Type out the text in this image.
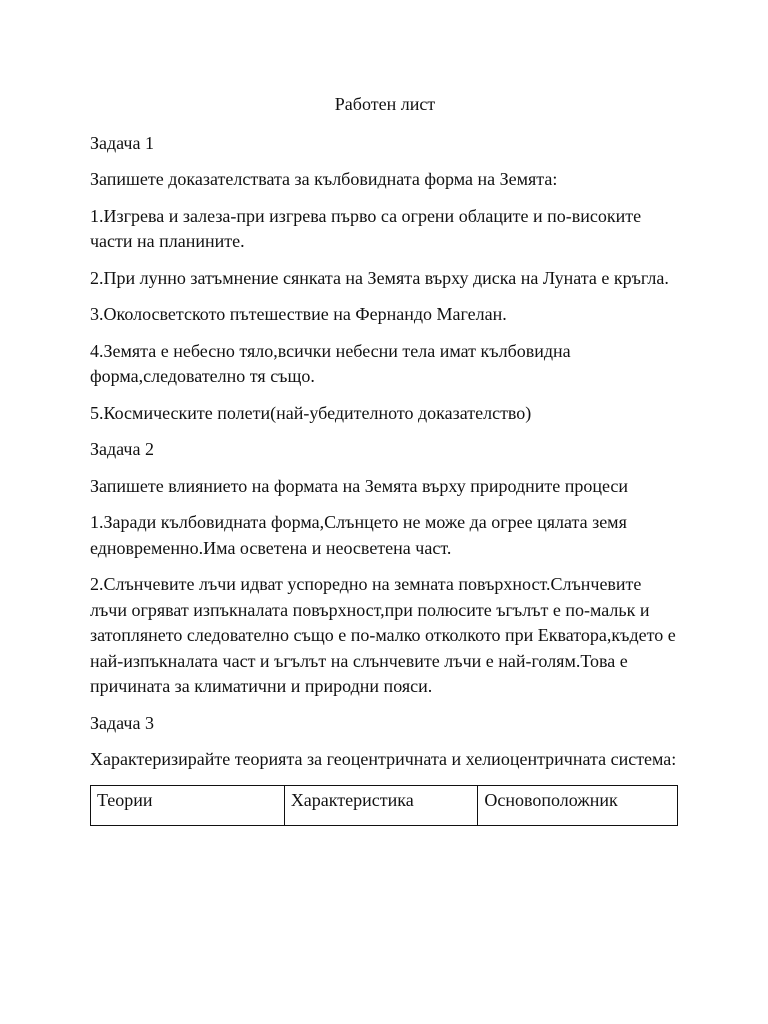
Работен лист

Задача 1

Запишете доказателствата за кълбовидната форма на Земята:

1.Изгрева и залеза-при изгрева първо са огрени облаците и по-високите части на планините.

2.При лунно затъмнение сянката на Земята върху диска на Луната е кръгла.

3.Околосветското пътешествие на Фернандо Магелан.

4.Земята е небесно тяло,всички небесни тела имат кълбовидна форма,следователно тя също.

5.Космическите полети(най-убедителното доказателство)

Задача 2

Запишете влиянието на формата на Земята върху природните процеси

1.Заради кълбовидната форма,Слънцето не може да огрее цялата земя едновременно.Има осветена и неосветена част.

2.Слънчевите лъчи идват успоредно на земната повърхност.Слънчевите лъчи огряват изпъкналата повърхност,при полюсите ъгълът е по-мальк и затоплянето следователно също е по-малко отколкото при Екватора,където е най-изпъкналата част и ъгълът на слънчевите лъчи е най-голям.Това е причината за климатични и природни пояси.

Задача 3

Характеризирайте теорията за геоцентричната и хелиоцентричната система:

Теории	Характеристика	Основоположник
